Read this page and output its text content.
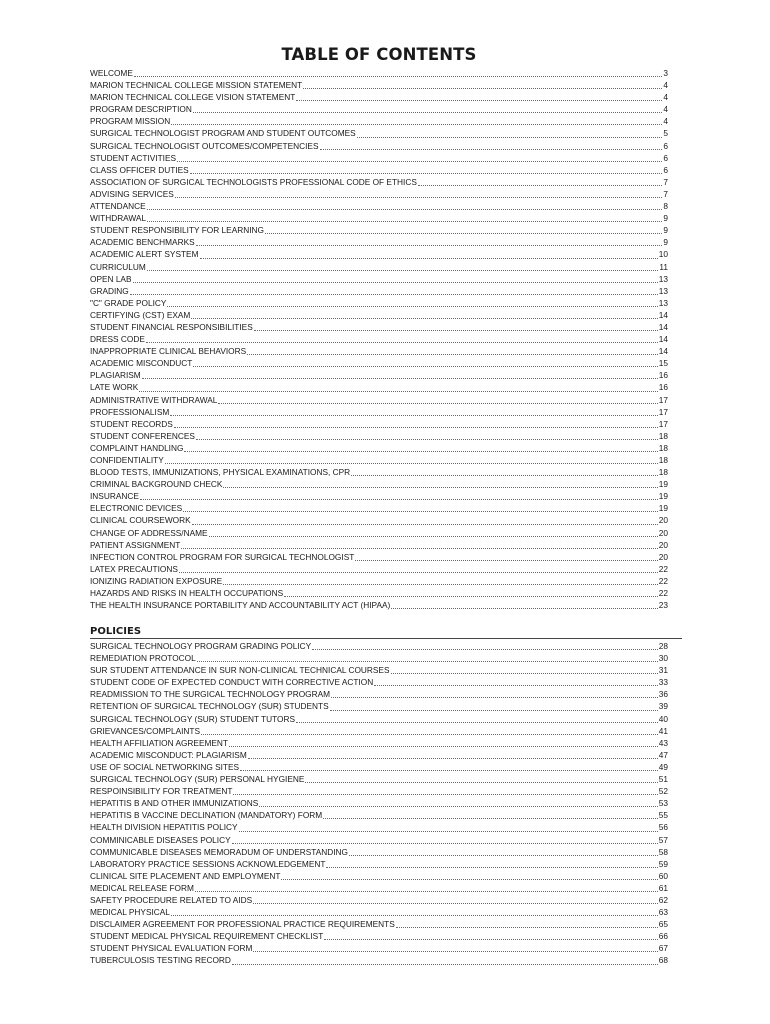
TABLE OF CONTENTS
WELCOME	3
MARION TECHNICAL COLLEGE MISSION STATEMENT	4
MARION TECHNICAL COLLEGE VISION STATEMENT	4
PROGRAM DESCRIPTION	4
PROGRAM MISSION	4
SURGICAL TECHNOLOGIST PROGRAM AND STUDENT OUTCOMES	5
SURGICAL TECHNOLOGIST OUTCOMES/COMPETENCIES	6
STUDENT ACTIVITIES	6
CLASS OFFICER DUTIES	6
ASSOCIATION OF SURGICAL TECHNOLOGISTS PROFESSIONAL CODE OF ETHICS	7
ADVISING SERVICES	7
ATTENDANCE	8
WITHDRAWAL	9
STUDENT RESPONSIBILITY FOR LEARNING	9
ACADEMIC BENCHMARKS	9
ACADEMIC ALERT SYSTEM	10
CURRICULUM	11
OPEN LAB	13
GRADING	13
"C" GRADE POLICY	13
CERTIFYING (CST) EXAM	14
STUDENT FINANCIAL RESPONSIBILITIES	14
DRESS CODE	14
INAPPROPRIATE CLINICAL BEHAVIORS	14
ACADEMIC MISCONDUCT	15
PLAGIARISM	16
LATE WORK	16
ADMINISTRATIVE WITHDRAWAL	17
PROFESSIONALISM	17
STUDENT RECORDS	17
STUDENT CONFERENCES	18
COMPLAINT HANDLING	18
CONFIDENTIALITY	18
BLOOD TESTS, IMMUNIZATIONS, PHYSICAL EXAMINATIONS, CPR	18
CRIMINAL BACKGROUND CHECK	19
INSURANCE	19
ELECTRONIC DEVICES	19
CLINICAL COURSEWORK	20
CHANGE OF ADDRESS/NAME	20
PATIENT ASSIGNMENT	20
INFECTION CONTROL PROGRAM FOR SURGICAL TECHNOLOGIST	20
LATEX PRECAUTIONS	22
IONIZING RADIATION EXPOSURE	22
HAZARDS AND RISKS IN HEALTH OCCUPATIONS	22
THE HEALTH INSURANCE PORTABILITY AND ACCOUNTABILITY ACT (HIPAA)	23
POLICIES
SURGICAL TECHNOLOGY PROGRAM GRADING POLICY	28
REMEDIATION PROTOCOL	30
SUR STUDENT ATTENDANCE IN SUR NON-CLINICAL TECHNICAL COURSES	31
STUDENT CODE OF EXPECTED CONDUCT WITH CORRECTIVE ACTION	33
READMISSION TO THE SURGICAL TECHNOLOGY PROGRAM	36
RETENTION OF SURGICAL TECHNOLOGY (SUR) STUDENTS	39
SURGICAL TECHNOLOGY (SUR) STUDENT TUTORS	40
GRIEVANCES/COMPLAINTS	41
HEALTH AFFILIATION AGREEMENT	43
ACADEMIC MISCONDUCT: PLAGIARISM	47
USE OF SOCIAL NETWORKING SITES	49
SURGICAL TECHNOLOGY (SUR) PERSONAL HYGIENE	51
RESPOINSIBILITY FOR TREATMENT	52
HEPATITIS B AND OTHER IMMUNIZATIONS	53
HEPATITIS B VACCINE DECLINATION (MANDATORY) FORM	55
HEALTH DIVISION HEPATITIS POLICY	56
COMMINICABLE DISEASES POLICY	57
COMMUNICABLE DISEASES MEMORADUM OF UNDERSTANDING	58
LABORATORY PRACTICE SESSIONS ACKNOWLEDGEMENT	59
CLINICAL SITE PLACEMENT AND EMPLOYMENT	60
MEDICAL RELEASE FORM	61
SAFETY PROCEDURE RELATED TO AIDS	62
MEDICAL PHYSICAL	63
DISCLAIMER AGREEMENT FOR PROFESSIONAL PRACTICE REQUIREMENTS	65
STUDENT MEDICAL PHYSICAL REQUIREMENT CHECKLIST	66
STUDENT PHYSICAL EVALUATION FORM	67
TUBERCULOSIS TESTING RECORD	68
